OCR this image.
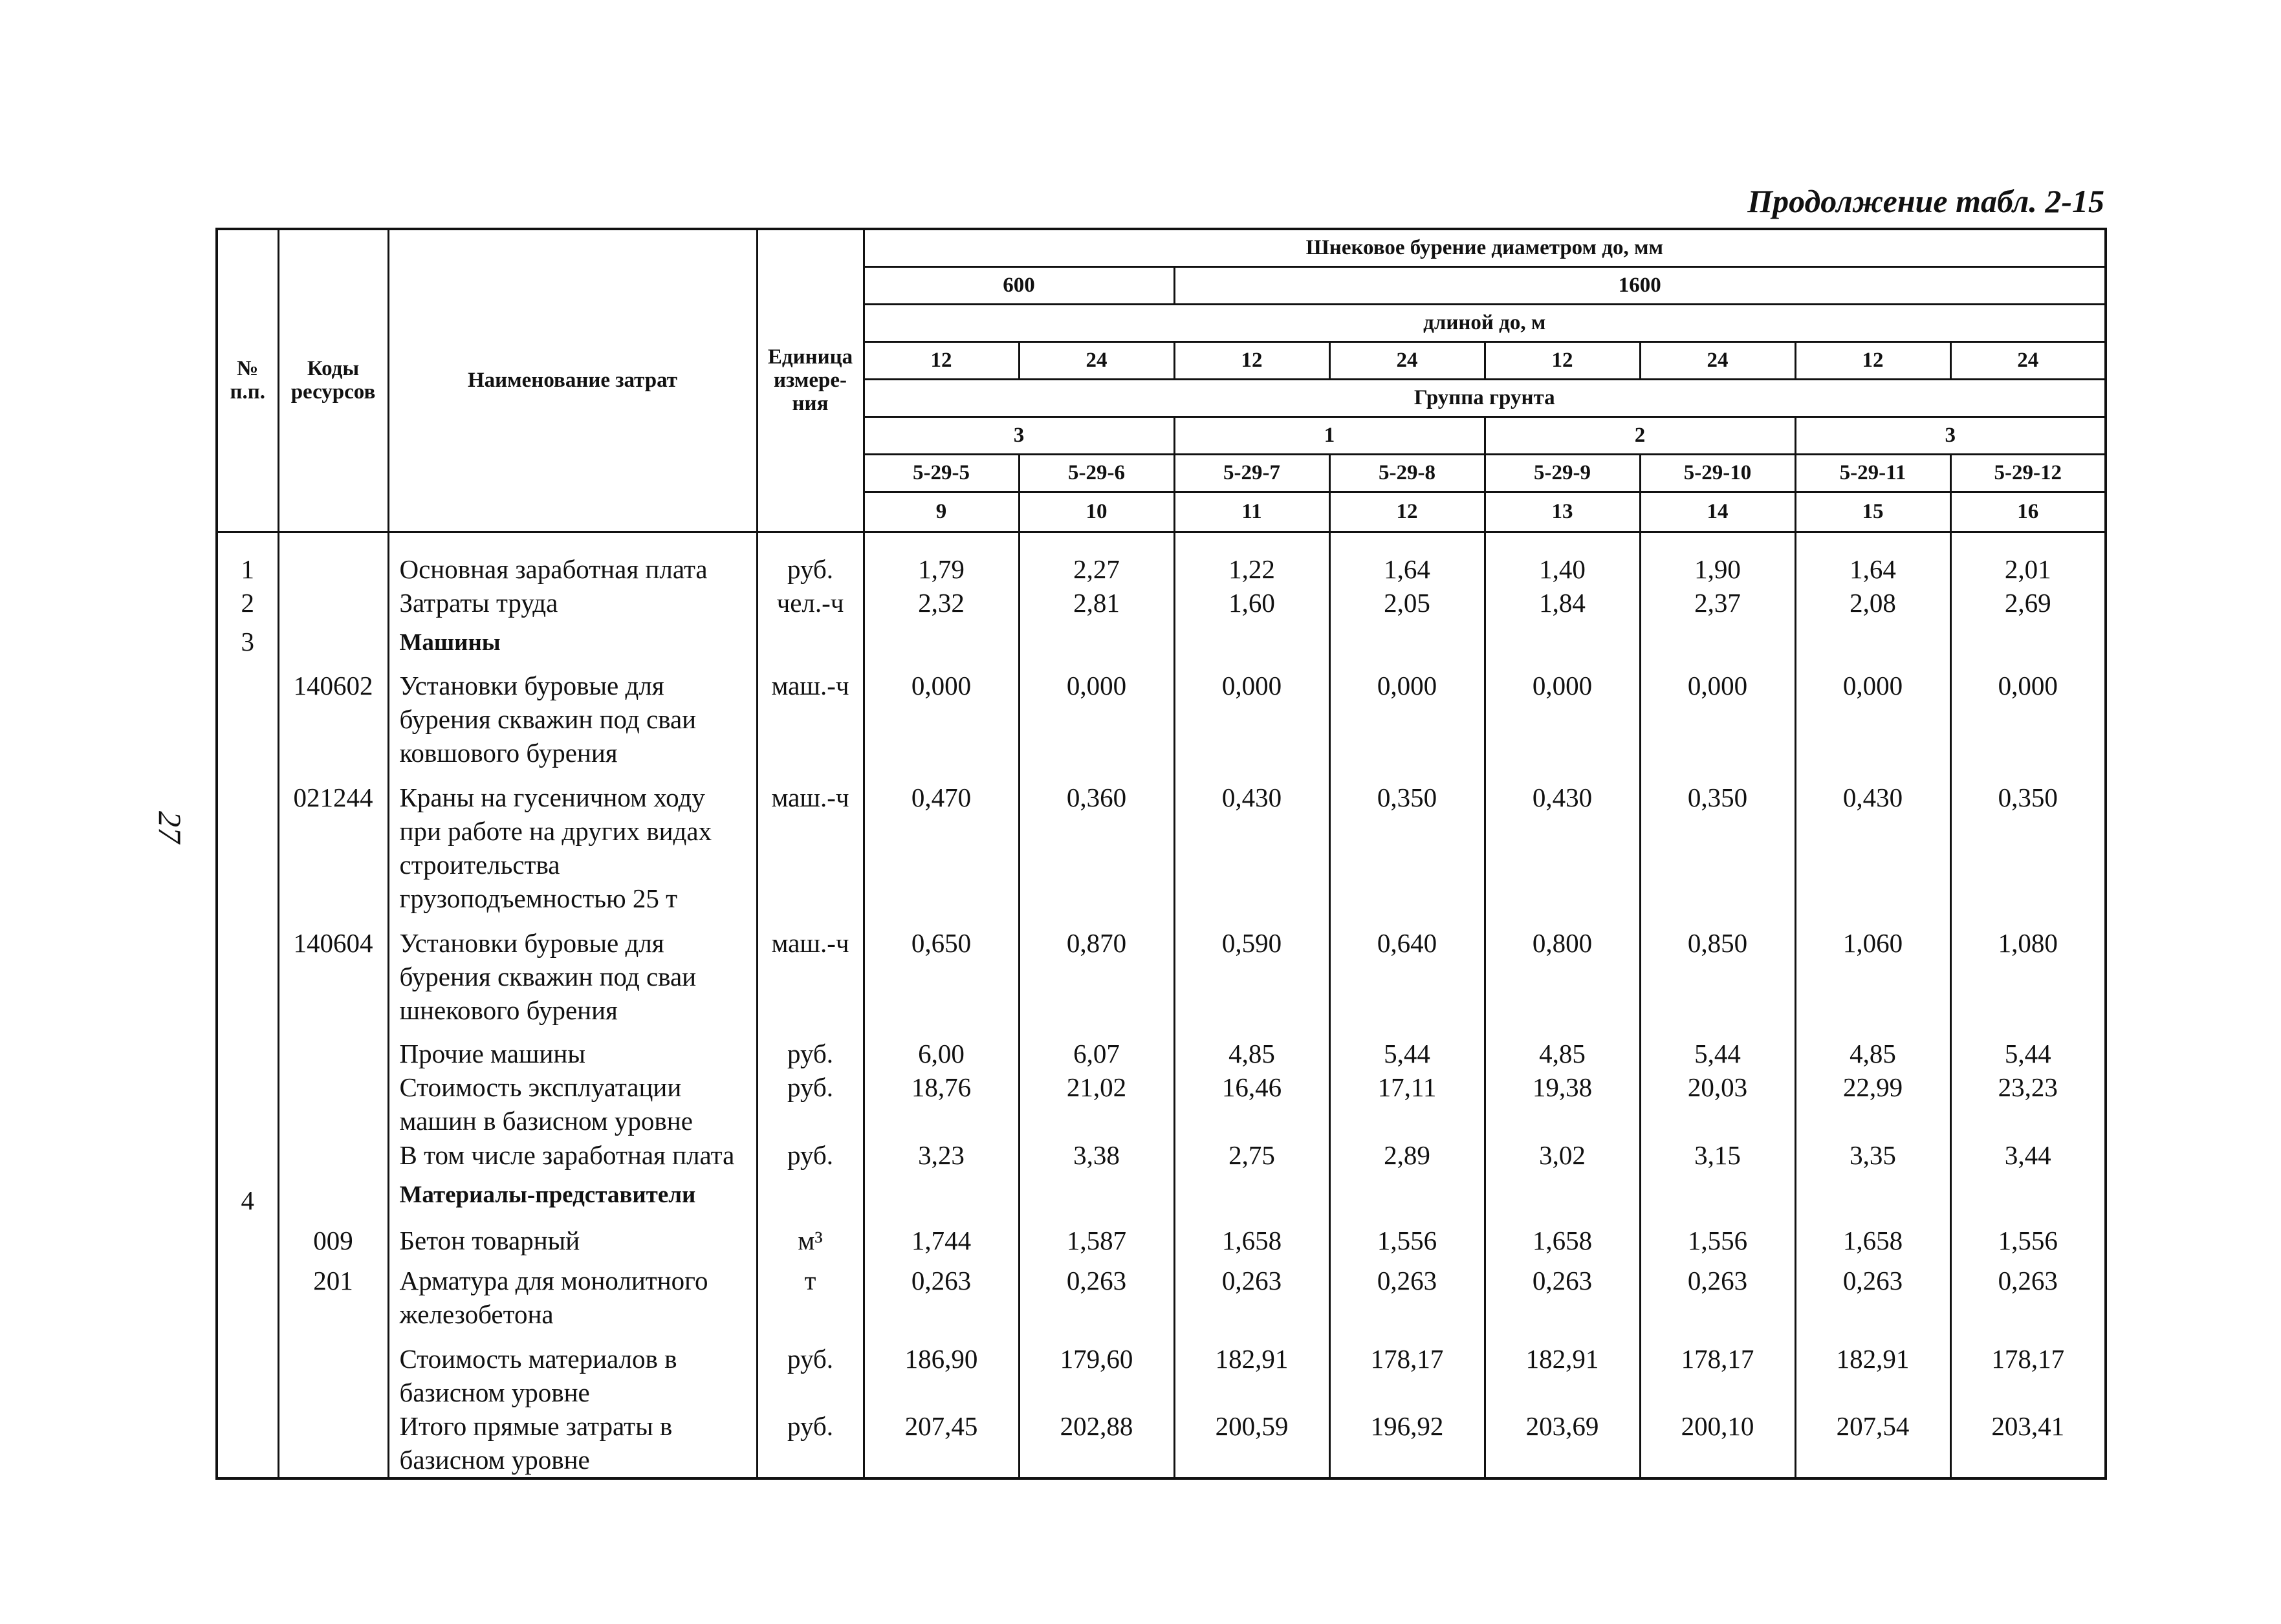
27
Продолжение табл. 2-15
№ п.п.	Коды ресурсов	Наименование затрат	Единица измере-ния	Шнековое бурение диаметром до, мм							
				600		1600					
				длиной до, м							
				12	24	12	24	12	24	12	24
				Группа грунта							
				3		1		2		3	
				5-29-5	5-29-6	5-29-7	5-29-8	5-29-9	5-29-10	5-29-11	5-29-12
				9	10	11	12	13	14	15	16
1		Основная заработная плата	руб.	1,79	2,27	1,22	1,64	1,40	1,90	1,64	2,01
2		Затраты труда	чел.-ч	2,32	2,81	1,60	2,05	1,84	2,37	2,08	2,69
3		Машины									
	140602	Установки буровые для бурения скважин под сваи ковшового бурения	маш.-ч	0,000	0,000	0,000	0,000	0,000	0,000	0,000	0,000
	021244	Краны на гусеничном ходу при работе на других видах строительства грузоподъемностью 25 т	маш.-ч	0,470	0,360	0,430	0,350	0,430	0,350	0,430	0,350
	140604	Установки буровые для бурения скважин под сваи шнекового бурения	маш.-ч	0,650	0,870	0,590	0,640	0,800	0,850	1,060	1,080
		Прочие машины	руб.	6,00	6,07	4,85	5,44	4,85	5,44	4,85	5,44
		Стоимость эксплуатации машин в базисном уровне	руб.	18,76	21,02	16,46	17,11	19,38	20,03	22,99	23,23
		В том числе заработная плата	руб.	3,23	3,38	2,75	2,89	3,02	3,15	3,35	3,44
4		Материалы-представители									
	009	Бетон товарный	м³	1,744	1,587	1,658	1,556	1,658	1,556	1,658	1,556
	201	Арматура для монолитного железобетона	т	0,263	0,263	0,263	0,263	0,263	0,263	0,263	0,263
		Стоимость материалов в базисном уровне	руб.	186,90	179,60	182,91	178,17	182,91	178,17	182,91	178,17
		Итого прямые затраты в базисном уровне	руб.	207,45	202,88	200,59	196,92	203,69	200,10	207,54	203,41
